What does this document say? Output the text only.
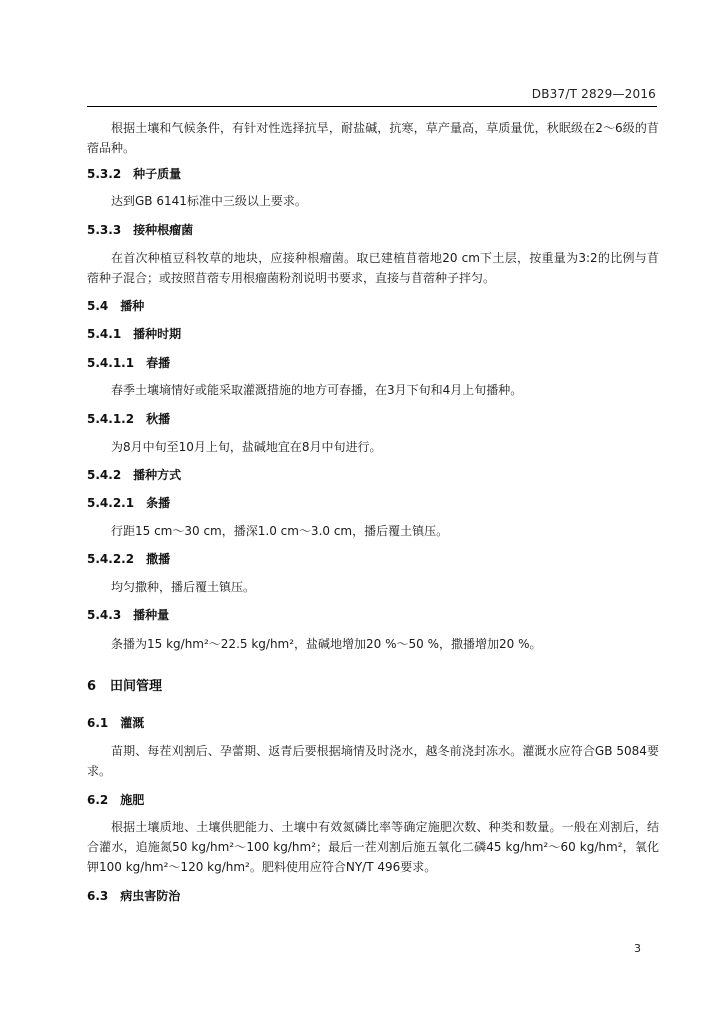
DB37/T 2829—2016

根据土壤和气候条件，有针对性选择抗旱，耐盐碱，抗寒，草产量高，草质量优，秋眠级在2～6级的苜蓿品种。

5.3.2 种子质量

达到GB 6141标准中三级以上要求。

5.3.3 接种根瘤菌

在首次种植豆科牧草的地块，应接种根瘤菌。取已建植苜蓿地20 cm下土层，按重量为3:2的比例与苜蓿种子混合；或按照苜蓿专用根瘤菌粉剂说明书要求，直接与苜蓿种子拌匀。

5.4 播种

5.4.1 播种时期

5.4.1.1 春播

春季土壤墒情好或能采取灌溉措施的地方可春播，在3月下旬和4月上旬播种。

5.4.1.2 秋播

为8月中旬至10月上旬，盐碱地宜在8月中旬进行。

5.4.2 播种方式

5.4.2.1 条播

行距15 cm～30 cm，播深1.0 cm～3.0 cm，播后覆土镇压。

5.4.2.2 撒播

均匀撒种，播后覆土镇压。

5.4.3 播种量

条播为15 kg/hm²～22.5 kg/hm²，盐碱地增加20 %～50 %，撒播增加20 %。

6 田间管理

6.1 灌溉

苗期、每茬刈割后、孕蕾期、返青后要根据墒情及时浇水，越冬前浇封冻水。灌溉水应符合GB 5084要求。

6.2 施肥

根据土壤质地、土壤供肥能力、土壤中有效氮磷比率等确定施肥次数、种类和数量。一般在刈割后，结合灌水，追施氮50 kg/hm²～100 kg/hm²；最后一茬刈割后施五氧化二磷45 kg/hm²～60 kg/hm²，氧化钾100 kg/hm²～120 kg/hm²。肥料使用应符合NY/T 496要求。

6.3 病虫害防治

3
